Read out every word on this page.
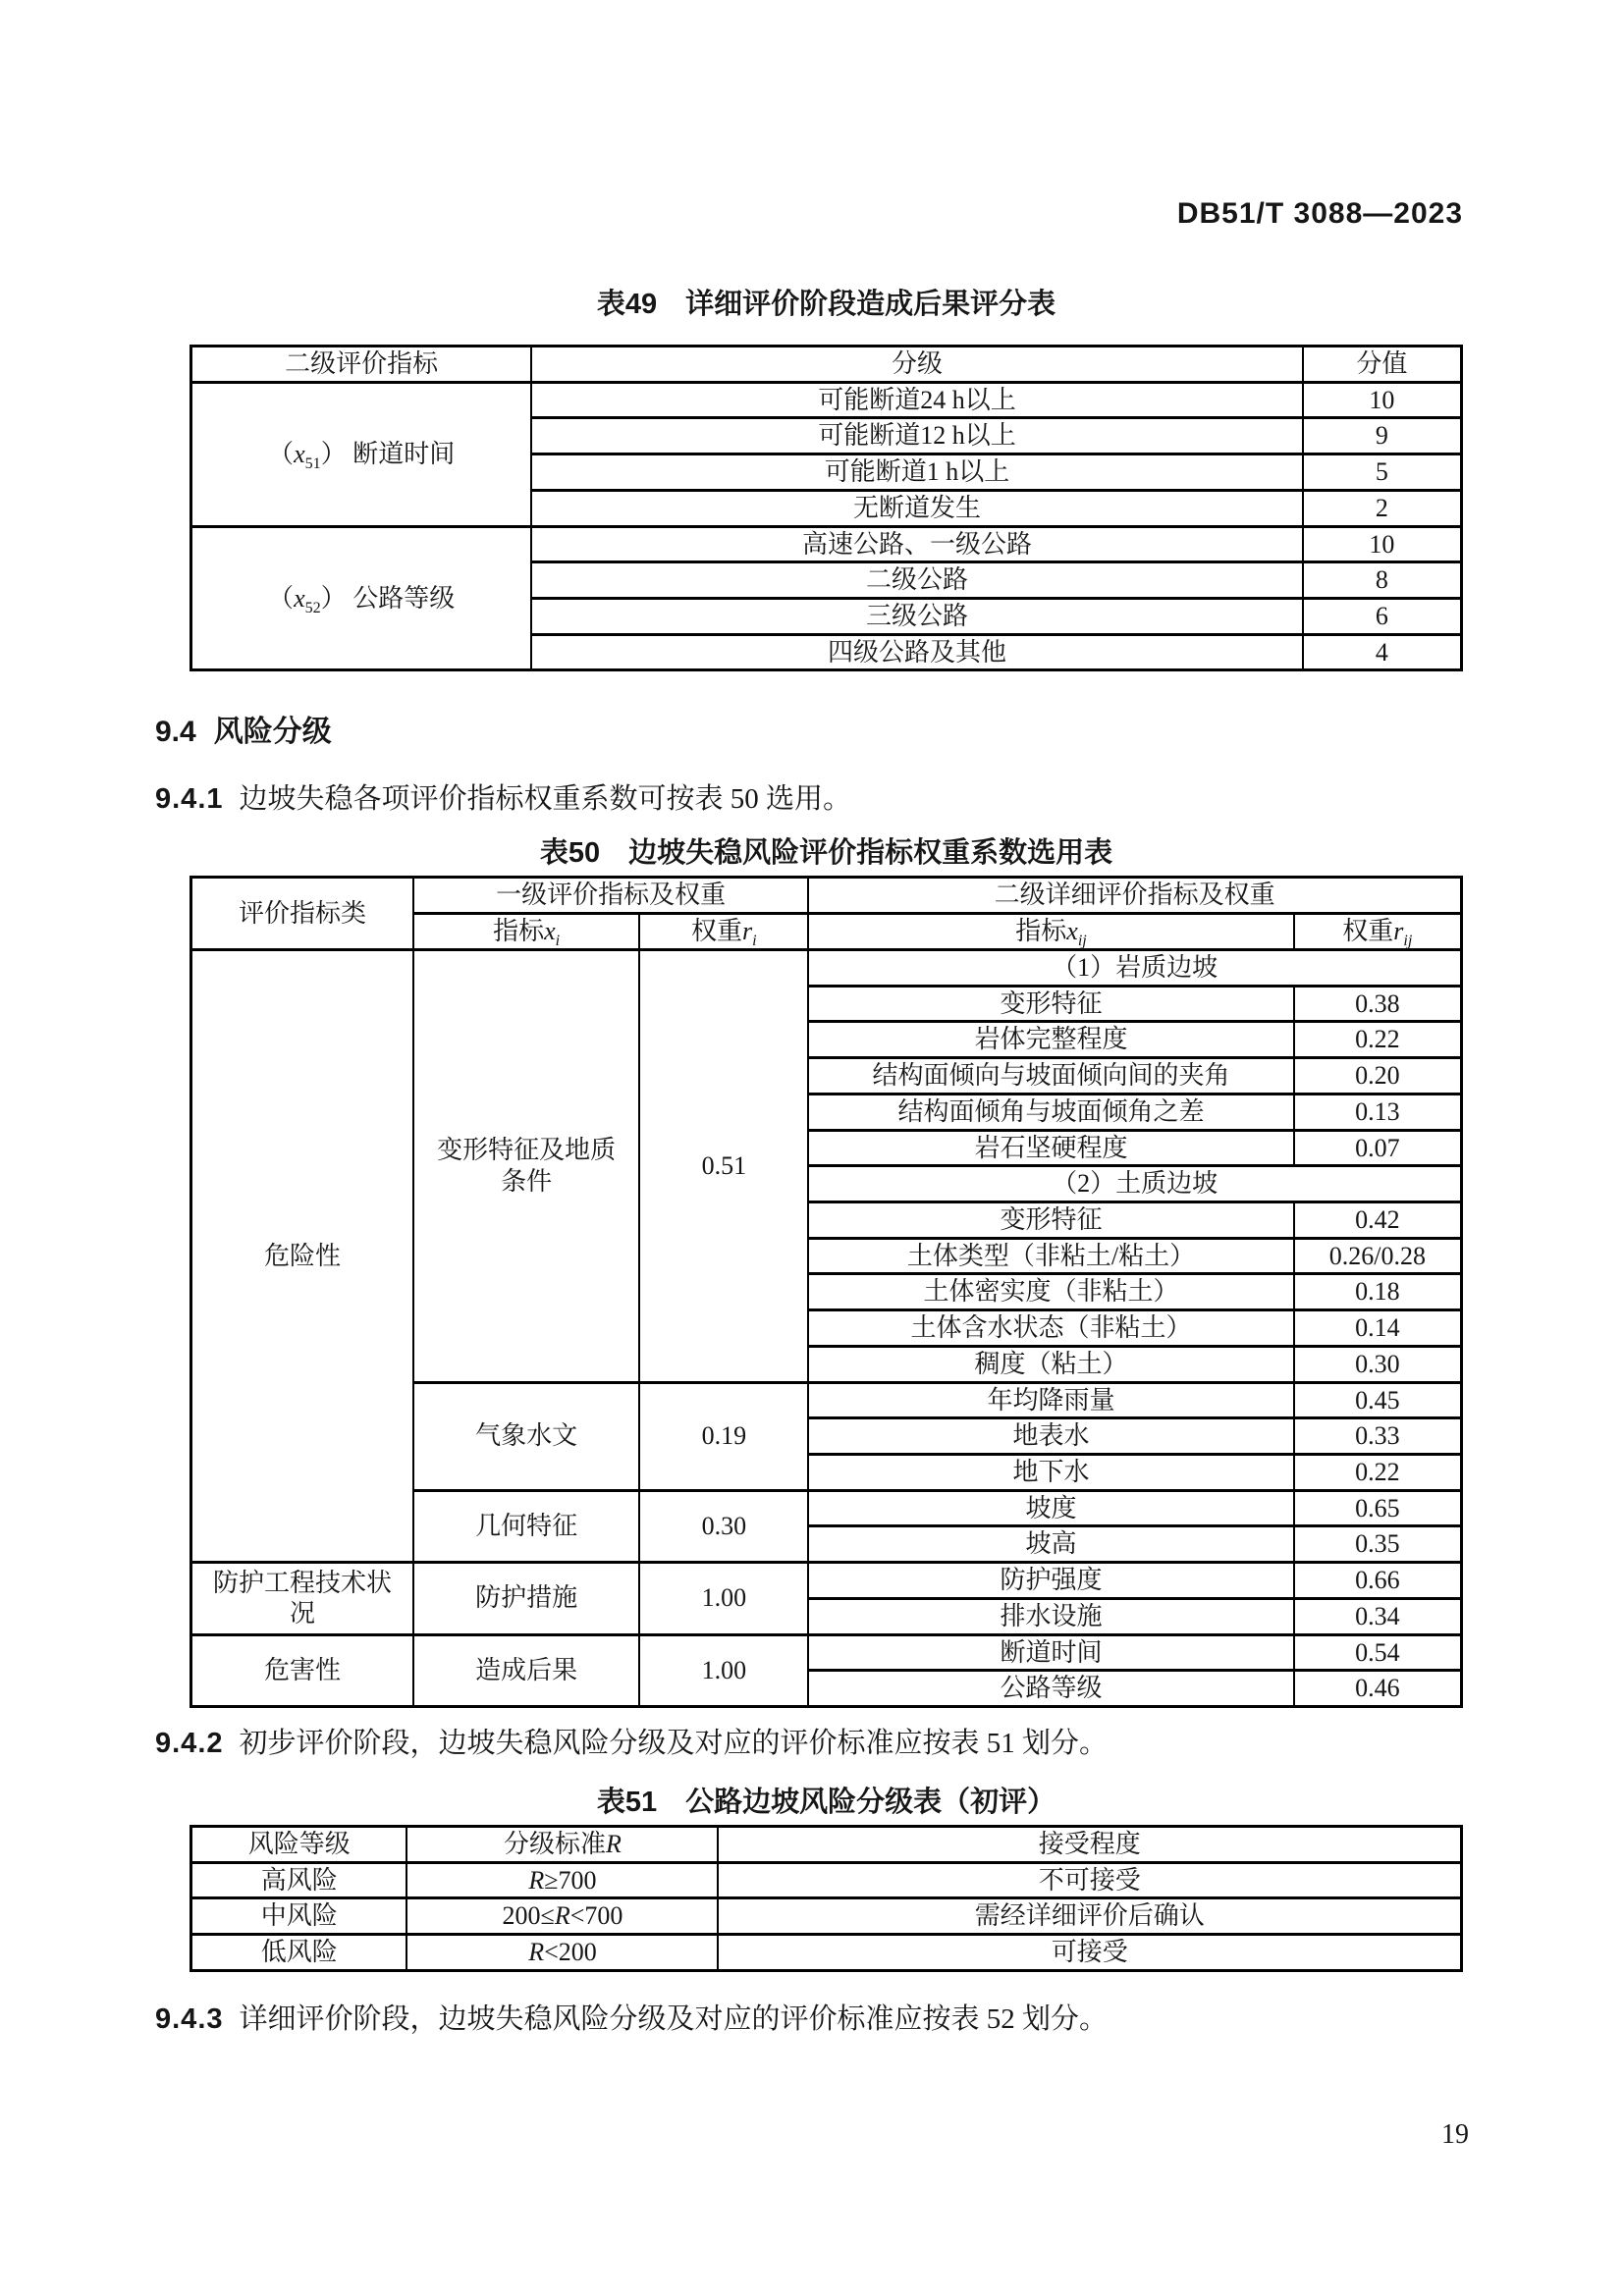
DB51/T 3088—2023
表49　详细评价阶段造成后果评分表
二级评价指标	分级	分值
$(x_{51})$ 断道时间	可能断道24 h以上	10
	可能断道12 h以上	9
	可能断道1 h以上	5
	无断道发生	2
$(x_{52})$ 公路等级	高速公路、一级公路	10
	二级公路	8
	三级公路	6
	四级公路及其他	4
9.4 风险分级

9.4.1 边坡失稳各项评价指标权重系数可按表 50 选用。

表50　边坡失稳风险评价指标权重系数选用表
评价指标类	一级评价指标及权重		二级详细评价指标及权重	
	指标$x_i$	权重$r_i$	指标$x_{ij}$	权重$r_{ij}$
危险性	变形特征及地质条件	0.51	（1）岩质边坡	
			变形特征	0.38
			岩体完整程度	0.22
			结构面倾向与坡面倾向间的夹角	0.20
			结构面倾角与坡面倾角之差	0.13
			岩石坚硬程度	0.07
			（2）土质边坡	
			变形特征	0.42
			土体类型（非粘土/粘土）	0.26/0.28
			土体密实度（非粘土）	0.18
			土体含水状态（非粘土）	0.14
			稠度（粘土）	0.30
	气象水文	0.19	年均降雨量	0.45
			地表水	0.33
			地下水	0.22
	几何特征	0.30	坡度	0.65
			坡高	0.35
防护工程技术状况	防护措施	1.00	防护强度	0.66
			排水设施	0.34
危害性	造成后果	1.00	断道时间	0.54
			公路等级	0.46

9.4.2 初步评价阶段，边坡失稳风险分级及对应的评价标准应按表 51 划分。

表51　公路边坡风险分级表（初评）
风险等级	分级标准R	接受程度
高风险	R≥700	不可接受
中风险	200≤R<700	需经详细评价后确认
低风险	R<200	可接受

9.4.3 详细评价阶段，边坡失稳风险分级及对应的评价标准应按表 52 划分。

19
